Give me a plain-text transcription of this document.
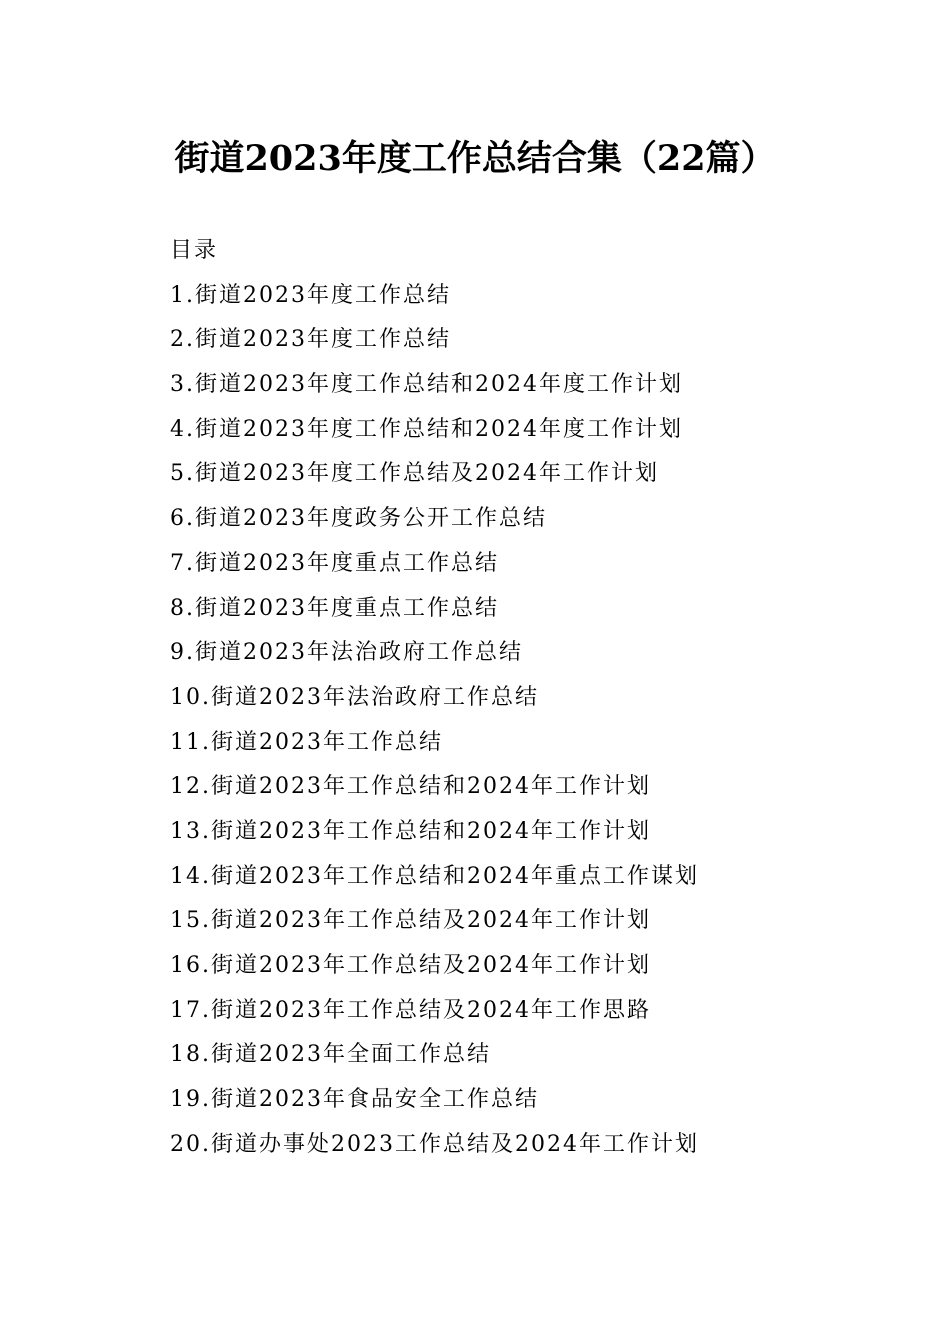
街道2023年度工作总结合集（22篇）
目录
1.街道2023年度工作总结
2.街道2023年度工作总结
3.街道2023年度工作总结和2024年度工作计划
4.街道2023年度工作总结和2024年度工作计划
5.街道2023年度工作总结及2024年工作计划
6.街道2023年度政务公开工作总结
7.街道2023年度重点工作总结
8.街道2023年度重点工作总结
9.街道2023年法治政府工作总结
10.街道2023年法治政府工作总结
11.街道2023年工作总结
12.街道2023年工作总结和2024年工作计划
13.街道2023年工作总结和2024年工作计划
14.街道2023年工作总结和2024年重点工作谋划
15.街道2023年工作总结及2024年工作计划
16.街道2023年工作总结及2024年工作计划
17.街道2023年工作总结及2024年工作思路
18.街道2023年全面工作总结
19.街道2023年食品安全工作总结
20.街道办事处2023工作总结及2024年工作计划
